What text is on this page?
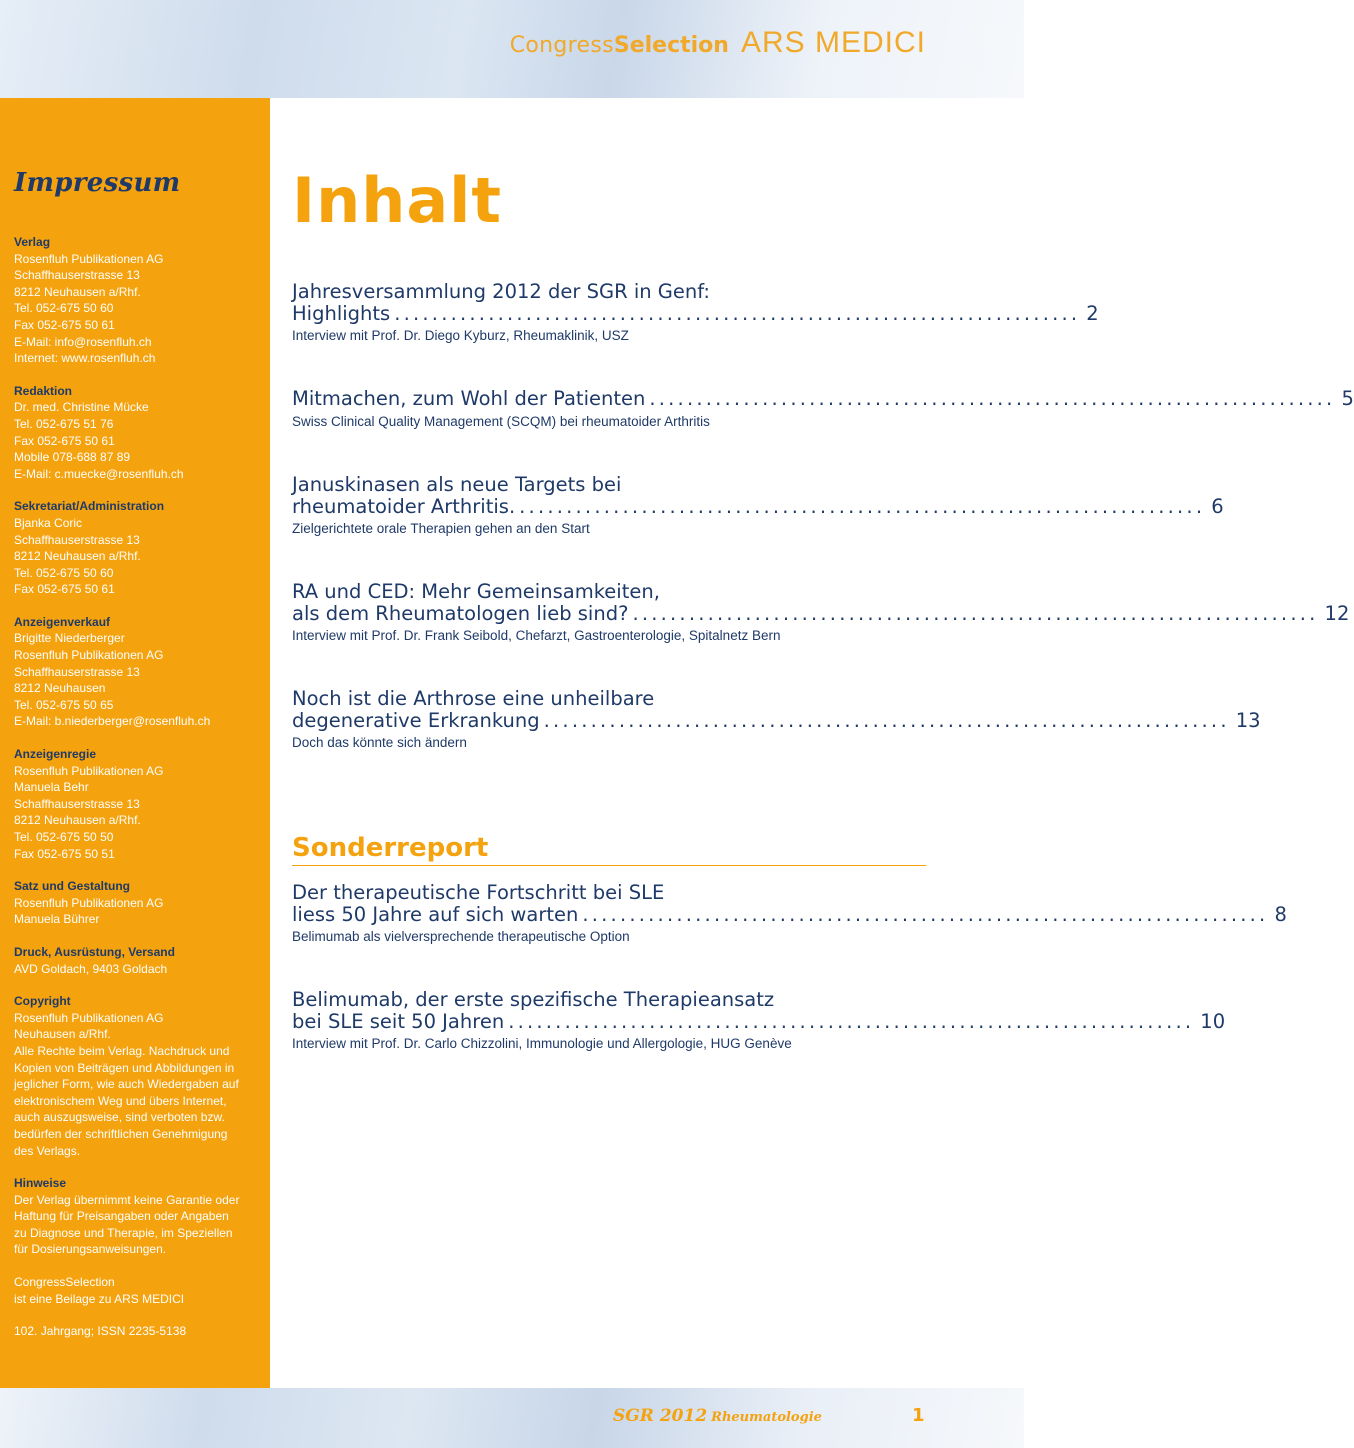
Congress Selection ARS MEDICI
Impressum
Verlag
Rosenfluh Publikationen AG
Schaffhauserstrasse 13
8212 Neuhausen a/Rhf.
Tel. 052-675 50 60
Fax 052-675 50 61
E-Mail: info@rosenfluh.ch
Internet: www.rosenfluh.ch
Redaktion
Dr. med. Christine Mücke
Tel. 052-675 51 76
Fax 052-675 50 61
Mobile 078-688 87 89
E-Mail: c.muecke@rosenfluh.ch
Sekretariat/Administration
Bjanka Coric
Schaffhauserstrasse 13
8212 Neuhausen a/Rhf.
Tel. 052-675 50 60
Fax 052-675 50 61
Anzeigenverkauf
Brigitte Niederberger
Rosenfluh Publikationen AG
Schaffhauserstrasse 13
8212 Neuhausen
Tel. 052-675 50 65
E-Mail: b.niederberger@rosenfluh.ch
Anzeigenregie
Rosenfluh Publikationen AG
Manuela Behr
Schaffhauserstrasse 13
8212 Neuhausen a/Rhf.
Tel. 052-675 50 50
Fax 052-675 50 51
Satz und Gestaltung
Rosenfluh Publikationen AG
Manuela Bührer
Druck, Ausrüstung, Versand
AVD Goldach, 9403 Goldach
Copyright
Rosenfluh Publikationen AG
Neuhausen a/Rhf.
Alle Rechte beim Verlag. Nachdruck und
Kopien von Beiträgen und Abbildungen in
jeglicher Form, wie auch Wiedergaben auf
elektronischem Weg und übers Internet,
auch auszugsweise, sind verboten bzw.
bedürfen der schriftlichen Genehmigung
des Verlags.
Hinweise
Der Verlag übernimmt keine Garantie oder
Haftung für Preisangaben oder Angaben
zu Diagnose und Therapie, im Speziellen
für Dosierungsanweisungen.
CongressSelection
ist eine Beilage zu ARS MEDICI
102. Jahrgang; ISSN 2235-5138
Inhalt
Jahresversammlung 2012 der SGR in Genf:
Highlights ......................................................................... 2
Interview mit Prof. Dr. Diego Kyburz, Rheumaklinik, USZ
Mitmachen, zum Wohl der Patienten ......................................................................... 5
Swiss Clinical Quality Management (SCQM) bei rheumatoider Arthritis
Januskinasen als neue Targets bei
rheumatoider Arthritis. ......................................................................... 6
Zielgerichtete orale Therapien gehen an den Start
RA und CED: Mehr Gemeinsamkeiten,
als dem Rheumatologen lieb sind? ......................................................................... 12
Interview mit Prof. Dr. Frank Seibold, Chefarzt, Gastroenterologie, Spitalnetz Bern
Noch ist die Arthrose eine unheilbare
degenerative Erkrankung ......................................................................... 13
Doch das könnte sich ändern
Sonderreport
Der therapeutische Fortschritt bei SLE
liess 50 Jahre auf sich warten ......................................................................... 8
Belimumab als vielversprechende therapeutische Option
Belimumab, der erste spezifische Therapieansatz
bei SLE seit 50 Jahren ......................................................................... 10
Interview mit Prof. Dr. Carlo Chizzolini, Immunologie und Allergologie, HUG Genève
SGR 2012 Rheumatologie	1
